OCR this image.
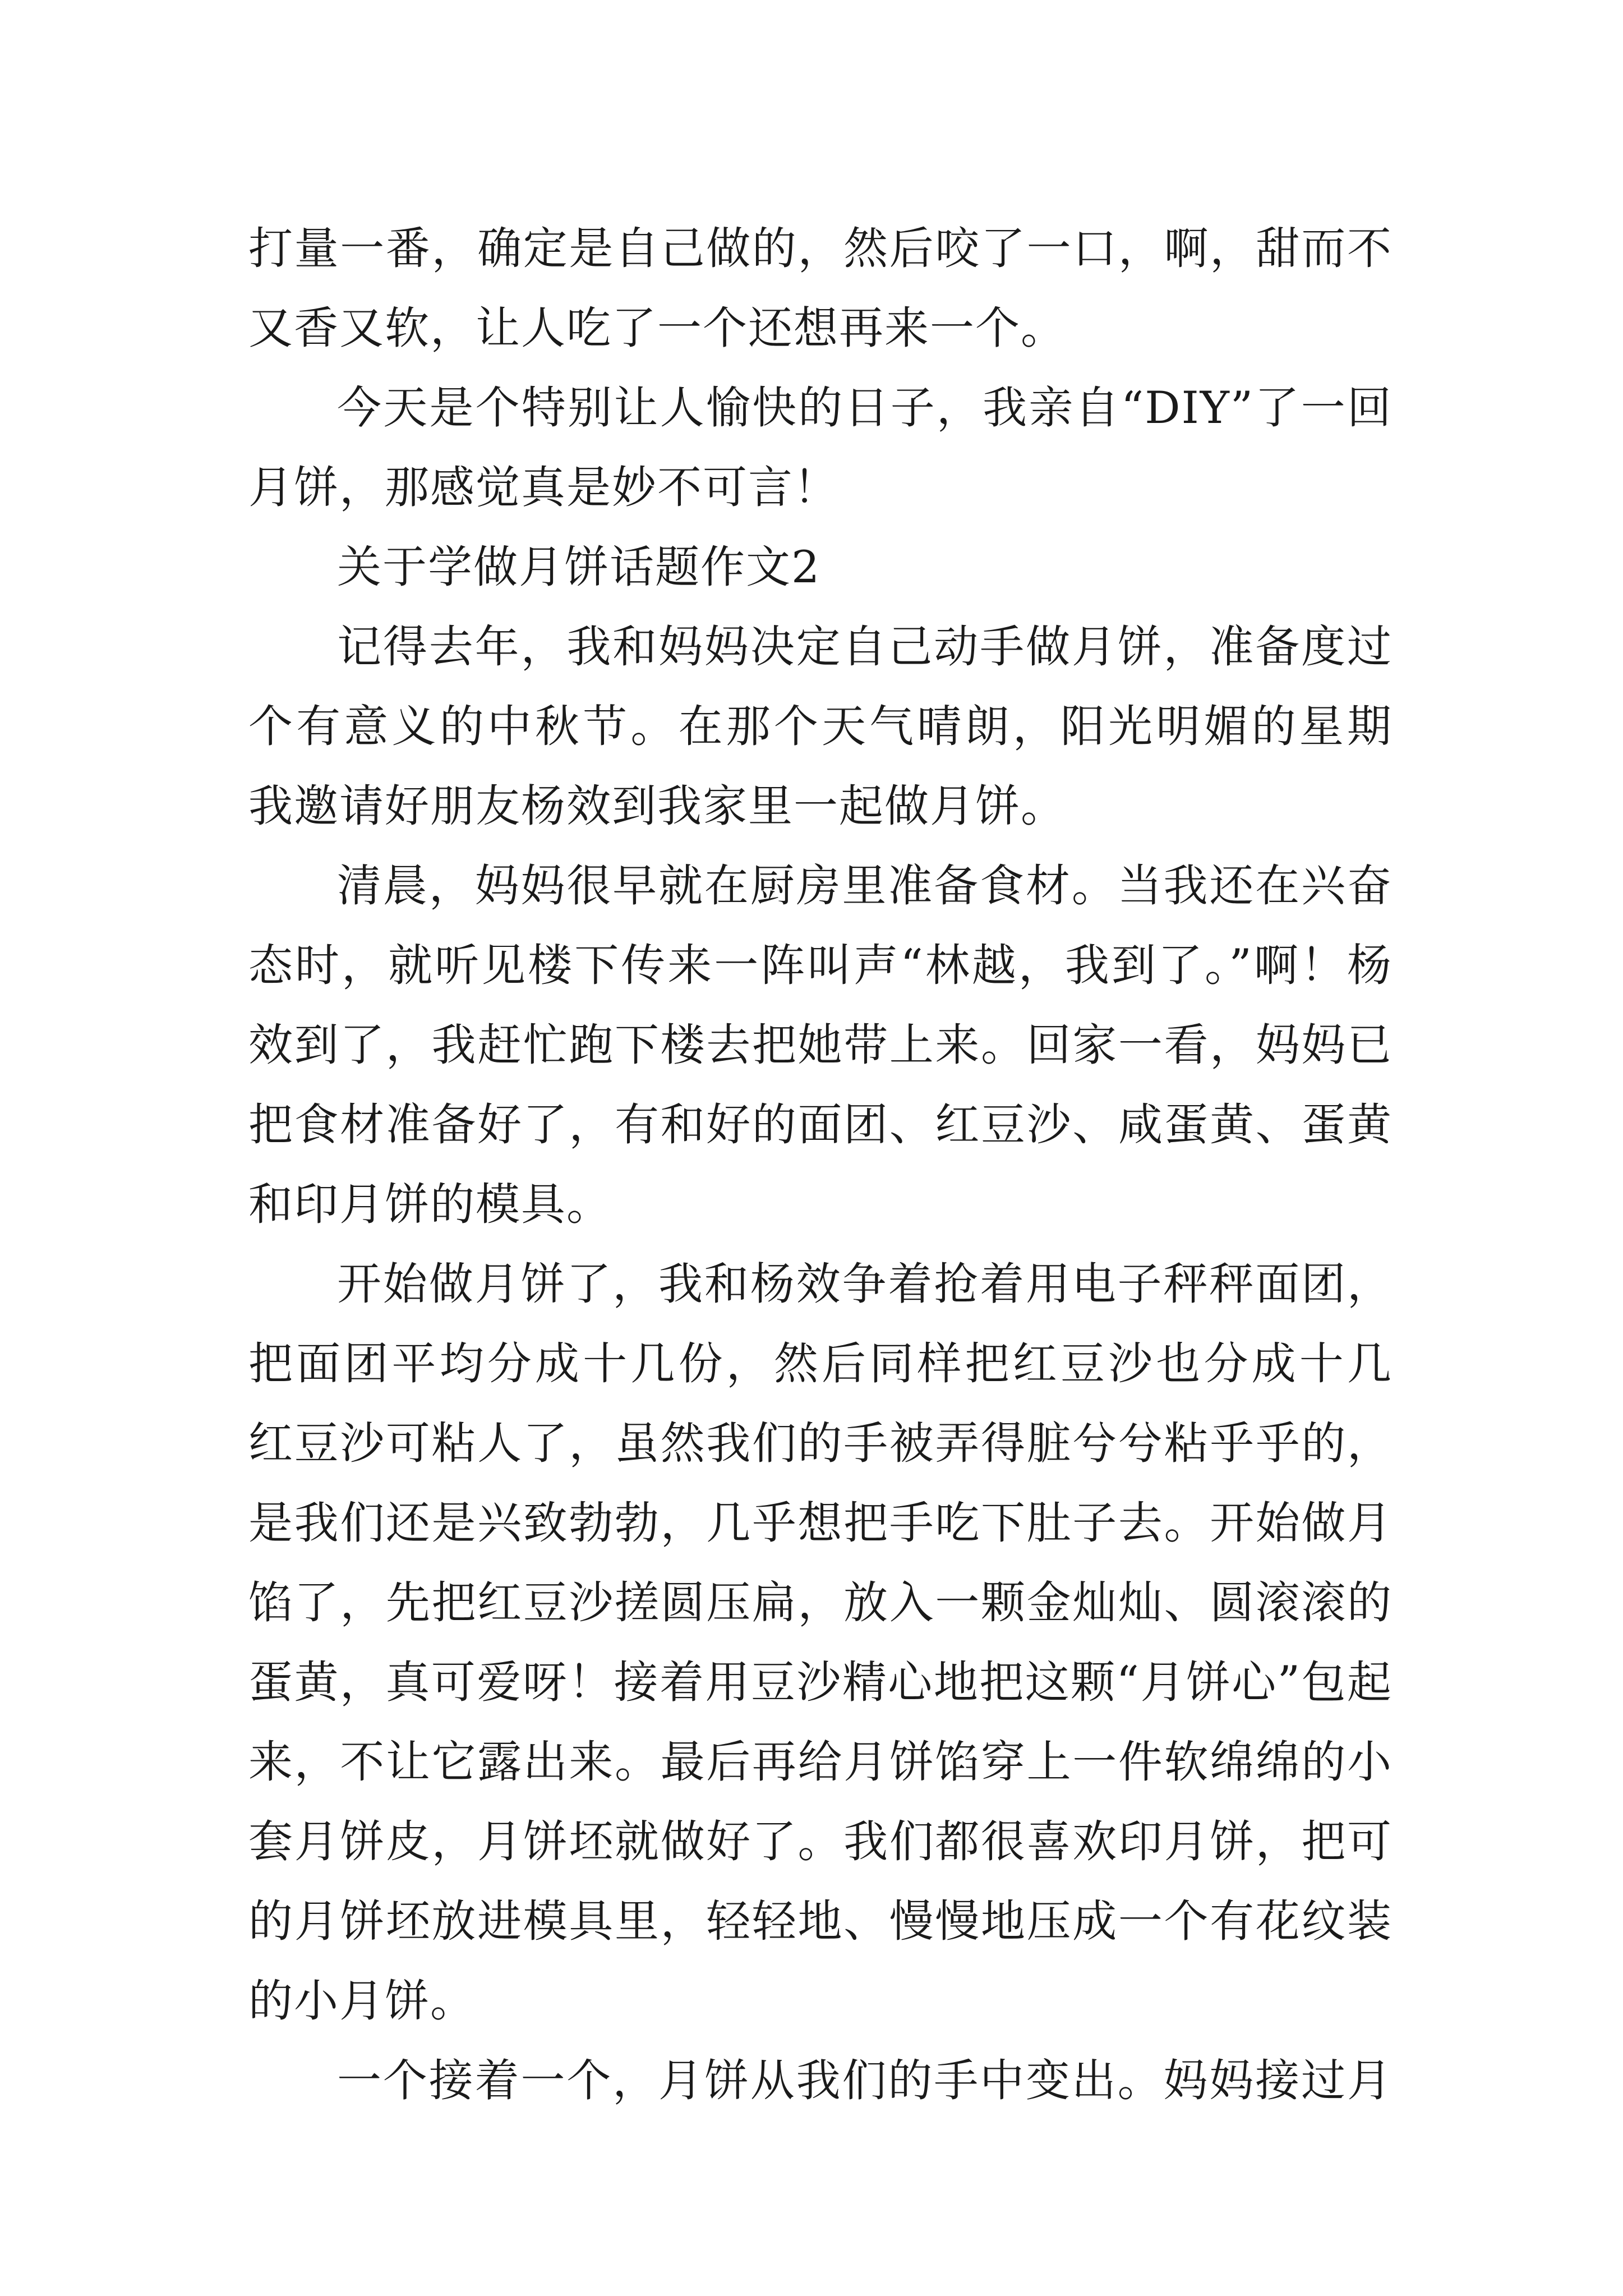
打量一番，确定是自己做的，然后咬了一口，啊，甜而不
又香又软，让人吃了一个还想再来一个。
今天是个特别让人愉快的日子，我亲自“DIY”了一回
月饼，那感觉真是妙不可言！
关于学做月饼话题作文2
记得去年，我和妈妈决定自己动手做月饼，准备度过
个有意义的中秋节。在那个天气晴朗，阳光明媚的星期
我邀请好朋友杨效到我家里一起做月饼。
清晨，妈妈很早就在厨房里准备食材。当我还在兴奋
态时，就听见楼下传来一阵叫声“林越，我到了。”啊！杨
效到了，我赶忙跑下楼去把她带上来。回家一看，妈妈已
把食材准备好了，有和好的面团、红豆沙、咸蛋黄、蛋黄
和印月饼的模具。
开始做月饼了，我和杨效争着抢着用电子秤秤面团，
把面团平均分成十几份，然后同样把红豆沙也分成十几
红豆沙可粘人了，虽然我们的手被弄得脏兮兮粘乎乎的，
是我们还是兴致勃勃，几乎想把手吃下肚子去。开始做月
馅了，先把红豆沙搓圆压扁，放入一颗金灿灿、圆滚滚的
蛋黄，真可爱呀！接着用豆沙精心地把这颗“月饼心”包起
来，不让它露出来。最后再给月饼馅穿上一件软绵绵的小
套月饼皮，月饼坯就做好了。我们都很喜欢印月饼，把可
的月饼坯放进模具里，轻轻地、慢慢地压成一个有花纹装
的小月饼。
一个接着一个，月饼从我们的手中变出。妈妈接过月
